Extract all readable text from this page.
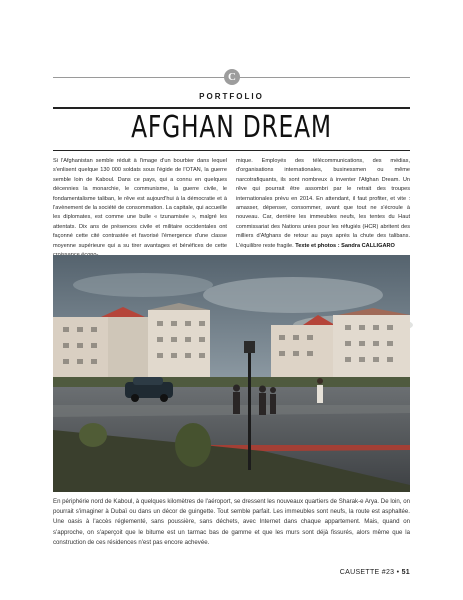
C
PORTFOLIO
AFGHAN DREAM
Si l'Afghanistan semble réduit à l'image d'un bourbier dans lequel s'enlisent quelque 130 000 soldats sous l'égide de l'OTAN, la guerre semble loin de Kaboul. Dans ce pays, qui a connu en quelques décennies la monarchie, le communisme, la guerre civile, le fondamentalisme taliban, le rêve est aujourd'hui à la démocratie et à l'avènement de la société de consommation. La capitale, qui accueille les diplomates, est comme une bulle « tzunamisée », malgré les attentats. Dix ans de présences civile et militaire occidentales ont façonné cette cité contrastée et favorisé l'émergence d'une classe moyenne supérieure qui a su tirer avantages et bénéfices de cette
mique. Employés des télécommunications, des médias, d'organisations internationales, businessmen ou même narcotrafiquants, ils sont nombreux à inventer l'Afghan Dream. Un rêve qui pourrait être assombri par le retrait des troupes internationales prévu en 2014. En attendant, il faut profiter, et vite : amasser, dépenser, consommer, avant que tout ne s'écroule à nouveau. Car, derrière les immeubles neufs, les tentes du Haut commissariat des Nations unies pour les réfugiés (HCR) abritent des milliers d'Afghans de retour au pays après la chute des talibans. L'équilibre reste fragile. Texte et photos : Sandra CALLIGARO
En périphérie nord de Kaboul, à quelques kilomètres de l'aéroport, se dressent les nouveaux quartiers de Sharak-e Arya. De loin, on pourrait s'imaginer à Dubaï ou dans un décor de guingette. Tout semble parfait. Les immeubles sont neufs, la route est asphaltée. Une oasis à l'accès réglementé, sans poussière, sans déchets, avec Internet dans chaque appartement. Mais, quand on s'approche, on s'aperçoit que le bitume est un tarmac bas de gamme et que les murs sont déjà fissurés, alors même que la construction de ces résidences n'est pas encore achevée.
CAUSETTE #23 • 51
